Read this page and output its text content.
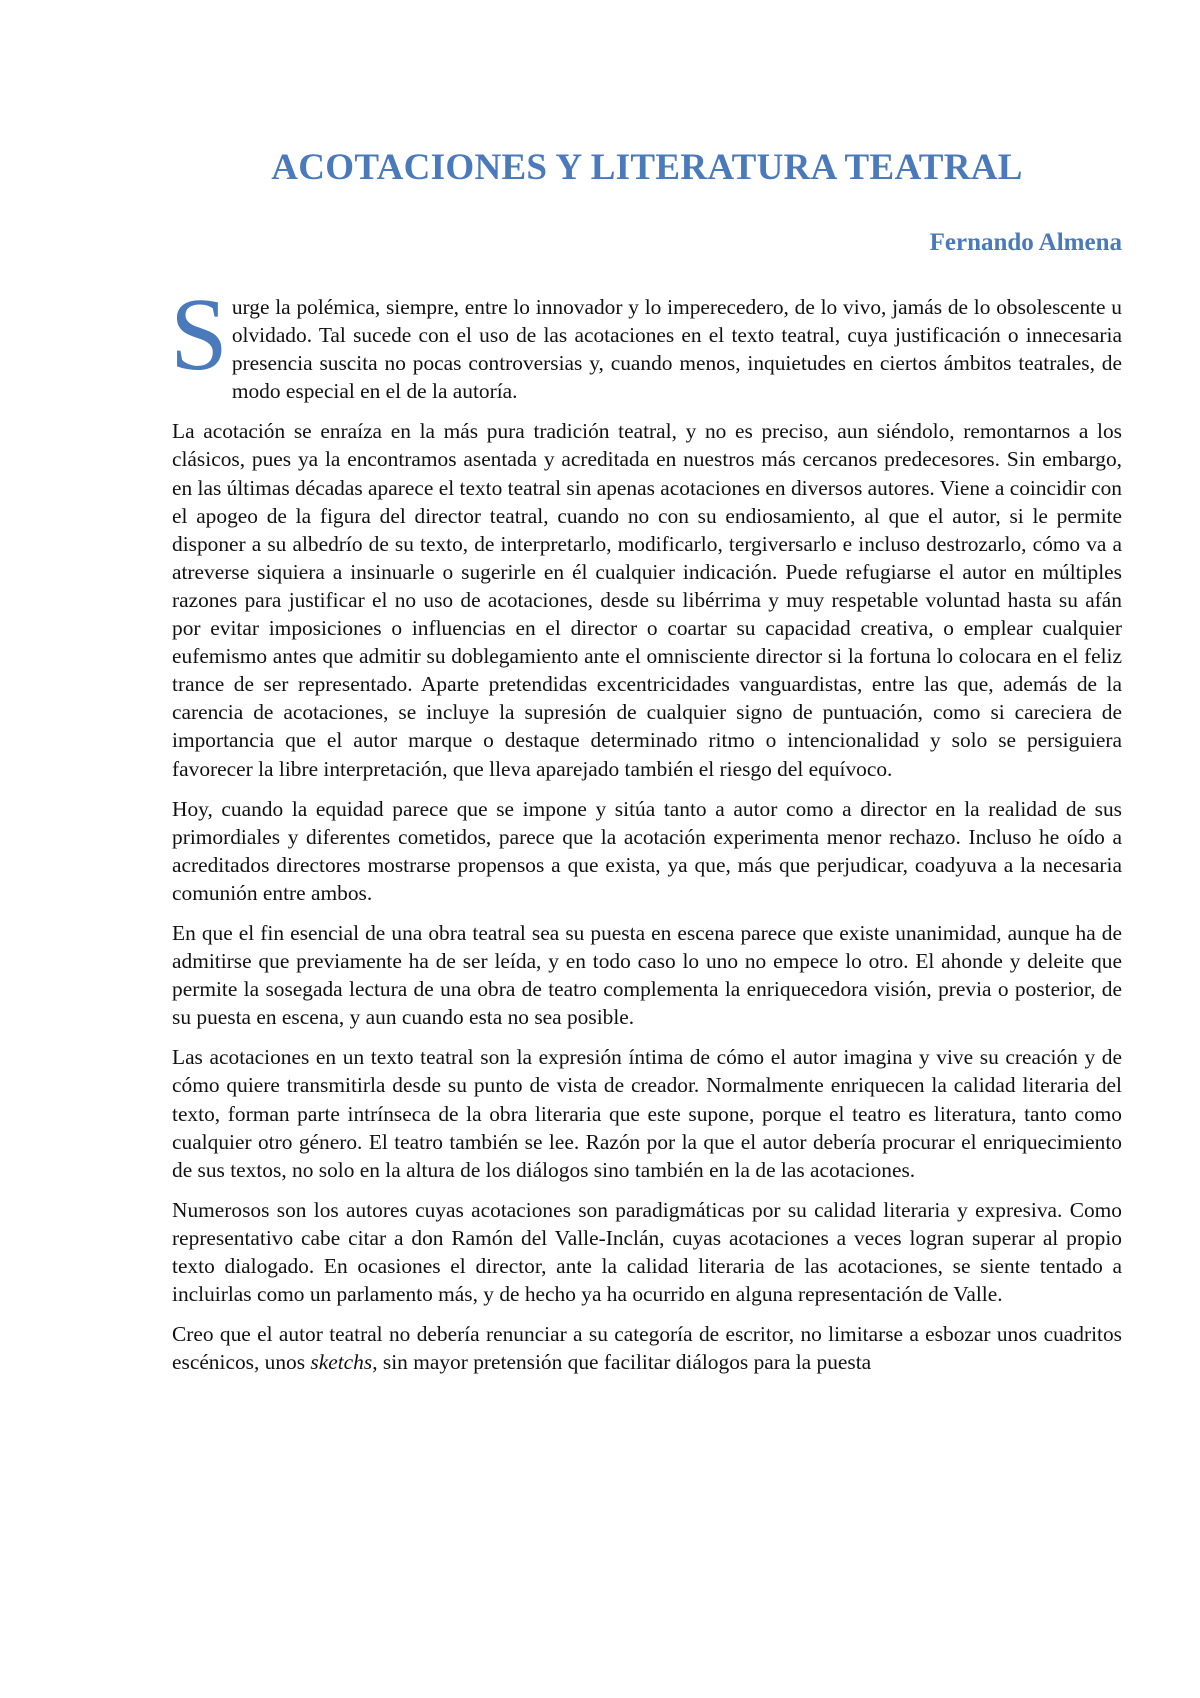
ACOTACIONES Y LITERATURA TEATRAL
Fernando Almena

Surge la polémica, siempre, entre lo innovador y lo imperecedero, de lo vivo, jamás de lo obsolescente u olvidado. Tal sucede con el uso de las acotaciones en el texto teatral, cuya justificación o innecesaria presencia suscita no pocas controversias y, cuando menos, inquietudes en ciertos ámbitos teatrales, de modo especial en el de la autoría.

La acotación se enraíza en la más pura tradición teatral, y no es preciso, aun siéndolo, remontarnos a los clásicos, pues ya la encontramos asentada y acreditada en nuestros más cercanos predecesores. Sin embargo, en las últimas décadas aparece el texto teatral sin apenas acotaciones en diversos autores. Viene a coincidir con el apogeo de la figura del director teatral, cuando no con su endiosamiento, al que el autor, si le permite disponer a su albedrío de su texto, de interpretarlo, modificarlo, tergiversarlo e incluso destrozarlo, cómo va a atreverse siquiera a insinuarle o sugerirle en él cualquier indicación. Puede refugiarse el autor en múltiples razones para justificar el no uso de acotaciones, desde su libérrima y muy respetable voluntad hasta su afán por evitar imposiciones o influencias en el director o coartar su capacidad creativa, o emplear cualquier eufemismo antes que admitir su doblegamiento ante el omnisciente director si la fortuna lo colocara en el feliz trance de ser representado. Aparte pretendidas excentricidades vanguardistas, entre las que, además de la carencia de acotaciones, se incluye la supresión de cualquier signo de puntuación, como si careciera de importancia que el autor marque o destaque determinado ritmo o intencionalidad y solo se persiguiera favorecer la libre interpretación, que lleva aparejado también el riesgo del equívoco.

Hoy, cuando la equidad parece que se impone y sitúa tanto a autor como a director en la realidad de sus primordiales y diferentes cometidos, parece que la acotación experimenta menor rechazo. Incluso he oído a acreditados directores mostrarse propensos a que exista, ya que, más que perjudicar, coadyuva a la necesaria comunión entre ambos.

En que el fin esencial de una obra teatral sea su puesta en escena parece que existe unanimidad, aunque ha de admitirse que previamente ha de ser leída, y en todo caso lo uno no empece lo otro. El ahonde y deleite que permite la sosegada lectura de una obra de teatro complementa la enriquecedora visión, previa o posterior, de su puesta en escena, y aun cuando esta no sea posible.

Las acotaciones en un texto teatral son la expresión íntima de cómo el autor imagina y vive su creación y de cómo quiere transmitirla desde su punto de vista de creador. Normalmente enriquecen la calidad literaria del texto, forman parte intrínseca de la obra literaria que este supone, porque el teatro es literatura, tanto como cualquier otro género. El teatro también se lee. Razón por la que el autor debería procurar el enriquecimiento de sus textos, no solo en la altura de los diálogos sino también en la de las acotaciones.

Numerosos son los autores cuyas acotaciones son paradigmáticas por su calidad literaria y expresiva. Como representativo cabe citar a don Ramón del Valle-Inclán, cuyas acotaciones a veces logran superar al propio texto dialogado. En ocasiones el director, ante la calidad literaria de las acotaciones, se siente tentado a incluirlas como un parlamento más, y de hecho ya ha ocurrido en alguna representación de Valle.

Creo que el autor teatral no debería renunciar a su categoría de escritor, no limitarse a esbozar unos cuadritos escénicos, unos sketchs, sin mayor pretensión que facilitar diálogos para la puesta
